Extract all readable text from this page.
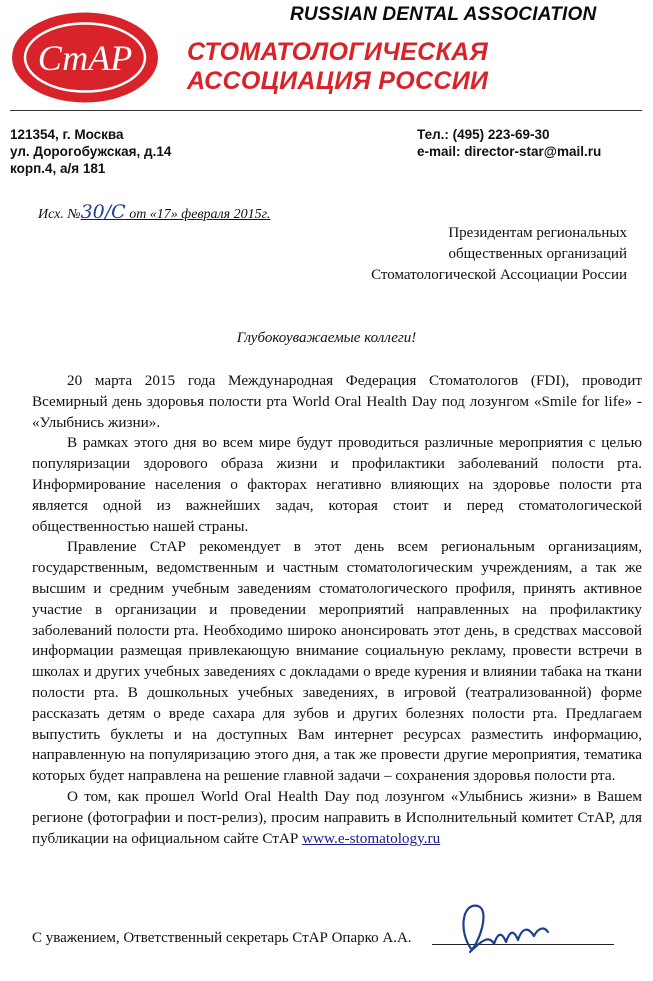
СтАР
RUSSIAN DENTAL ASSOCIATION
СТОМАТОЛОГИЧЕСКАЯ
АССОЦИАЦИЯ РОССИИ
121354, г. Москва
ул. Дорогобужская, д.14
корп.4, а/я 181
Тел.: (495) 223-69-30
e-mail: director-star@mail.ru
Исх. №30/С от «17» февраля 2015г.
Президентам региональных
общественных организаций
Стоматологической Ассоциации России
Глубокоуважаемые коллеги!

20 марта 2015 года Международная Федерация Стоматологов (FDI), проводит Всемирный день здоровья полости рта World Oral Health Day под лозунгом «Smile for life» - «Улыбнись жизни».

В рамках этого дня во всем мире будут проводиться различные мероприятия с целью популяризации здорового образа жизни и профилактики заболеваний полости рта. Информирование населения о факторах негативно влияющих на здоровье полости рта является одной из важнейших задач, которая стоит и перед стоматологической общественностью нашей страны.

Правление СтАР рекомендует в этот день всем региональным организациям, государственным, ведомственным и частным стоматологическим учреждениям, а так же высшим и средним учебным заведениям стоматологического профиля, принять активное участие в организации и проведении мероприятий направленных на профилактику заболеваний полости рта. Необходимо широко анонсировать этот день, в средствах массовой информации размещая привлекающую внимание социальную рекламу, провести встречи в школах и других учебных заведениях с докладами о вреде курения и влиянии табака на ткани полости рта. В дошкольных учебных заведениях, в игровой (театрализованной) форме рассказать детям о вреде сахара для зубов и других болезнях полости рта. Предлагаем выпустить буклеты и на доступных Вам интернет ресурсах разместить информацию, направленную на популяризацию этого дня, а так же провести другие мероприятия, тематика которых будет направлена на решение главной задачи – сохранения здоровья полости рта.

О том, как прошел World Oral Health Day под лозунгом «Улыбнись жизни» в Вашем регионе (фотографии и пост-релиз), просим направить в Исполнительный комитет СтАР, для публикации на официальном сайте СтАР www.e-stomatology.ru

С уважением, Ответственный секретарь СтАР Опарко А.А.
